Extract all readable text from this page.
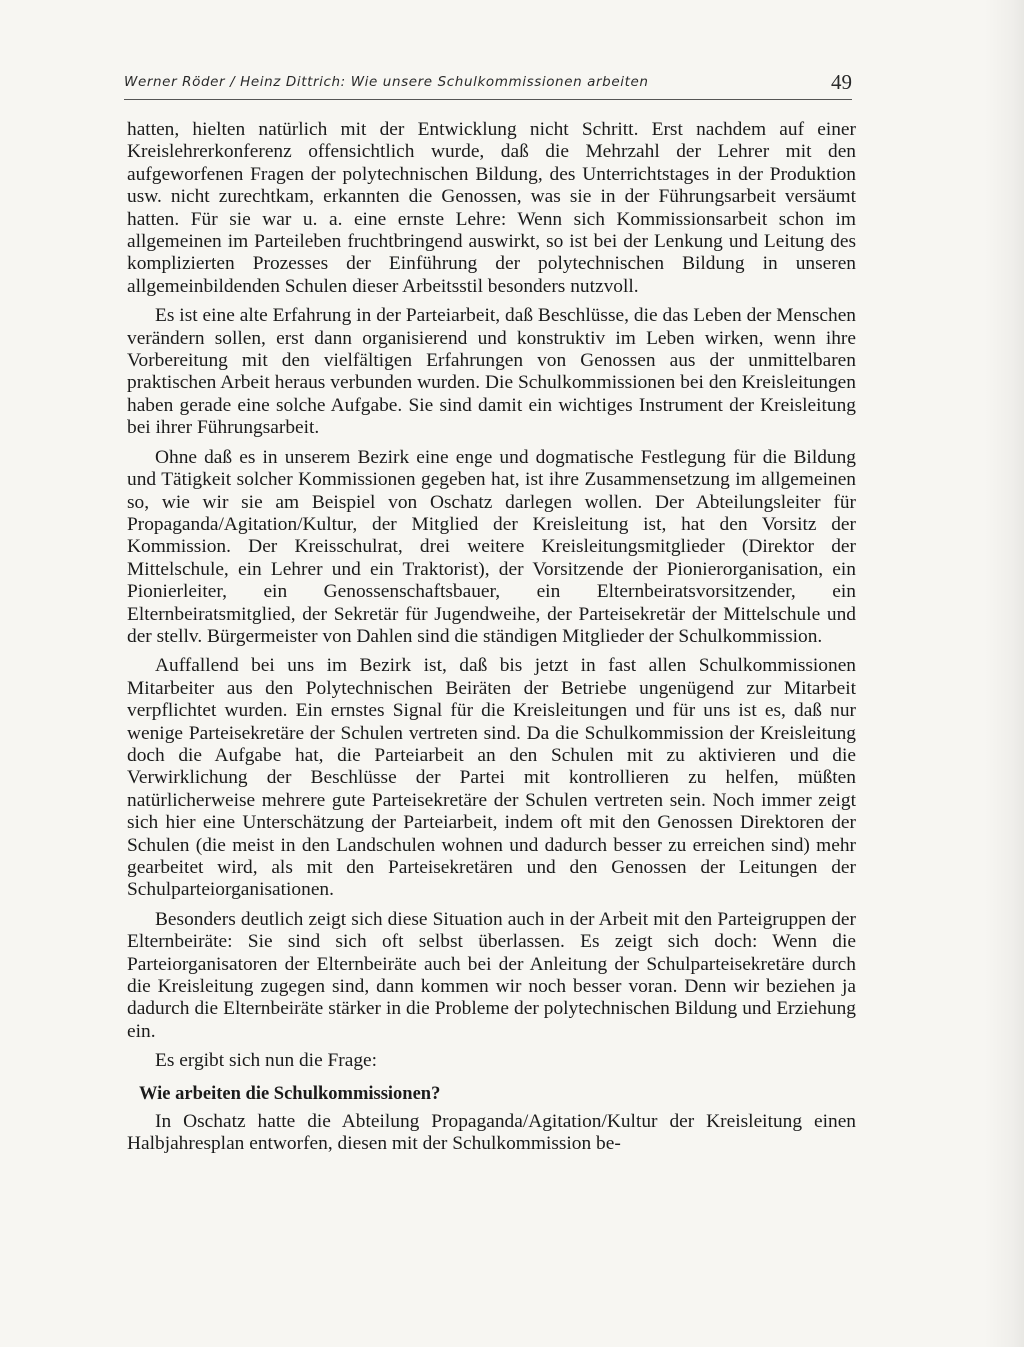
Werner Röder / Heinz Dittrich: Wie unsere Schulkommissionen arbeiten	49

hatten, hielten natürlich mit der Entwicklung nicht Schritt. Erst nachdem auf einer Kreislehrerkonferenz offensichtlich wurde, daß die Mehrzahl der Lehrer mit den aufgeworfenen Fragen der polytechnischen Bildung, des Unterrichtstages in der Produktion usw. nicht zurechtkam, erkannten die Genossen, was sie in der Führungsarbeit versäumt hatten. Für sie war u. a. eine ernste Lehre: Wenn sich Kommissionsarbeit schon im allgemeinen im Parteileben fruchtbringend auswirkt, so ist bei der Lenkung und Leitung des komplizierten Prozesses der Einführung der polytechnischen Bildung in unseren allgemeinbildenden Schulen dieser Arbeitsstil besonders nutzvoll.

Es ist eine alte Erfahrung in der Parteiarbeit, daß Beschlüsse, die das Leben der Menschen verändern sollen, erst dann organisierend und konstruktiv im Leben wirken, wenn ihre Vorbereitung mit den vielfältigen Erfahrungen von Genossen aus der unmittelbaren praktischen Arbeit heraus verbunden wurden. Die Schulkommissionen bei den Kreisleitungen haben gerade eine solche Aufgabe. Sie sind damit ein wichtiges Instrument der Kreisleitung bei ihrer Führungsarbeit.

Ohne daß es in unserem Bezirk eine enge und dogmatische Festlegung für die Bildung und Tätigkeit solcher Kommissionen gegeben hat, ist ihre Zusammensetzung im allgemeinen so, wie wir sie am Beispiel von Oschatz darlegen wollen. Der Abteilungsleiter für Propaganda/Agitation/Kultur, der Mitglied der Kreisleitung ist, hat den Vorsitz der Kommission. Der Kreisschulrat, drei weitere Kreisleitungsmitglieder (Direktor der Mittelschule, ein Lehrer und ein Traktorist), der Vorsitzende der Pionierorganisation, ein Pionierleiter, ein Genossenschaftsbauer, ein Elternbeiratsvorsitzender, ein Elternbeiratsmitglied, der Sekretär für Jugendweihe, der Parteisekretär der Mittelschule und der stellv. Bürgermeister von Dahlen sind die ständigen Mitglieder der Schulkommission.

Auffallend bei uns im Bezirk ist, daß bis jetzt in fast allen Schulkommissionen Mitarbeiter aus den Polytechnischen Beiräten der Betriebe ungenügend zur Mitarbeit verpflichtet wurden. Ein ernstes Signal für die Kreisleitungen und für uns ist es, daß nur wenige Parteisekretäre der Schulen vertreten sind. Da die Schulkommission der Kreisleitung doch die Aufgabe hat, die Parteiarbeit an den Schulen mit zu aktivieren und die Verwirklichung der Beschlüsse der Partei mit kontrollieren zu helfen, müßten natürlicherweise mehrere gute Parteisekretäre der Schulen vertreten sein. Noch immer zeigt sich hier eine Unterschätzung der Parteiarbeit, indem oft mit den Genossen Direktoren der Schulen (die meist in den Landschulen wohnen und dadurch besser zu erreichen sind) mehr gearbeitet wird, als mit den Parteisekretären und den Genossen der Leitungen der Schulparteiorganisationen.

Besonders deutlich zeigt sich diese Situation auch in der Arbeit mit den Parteigruppen der Elternbeiräte: Sie sind sich oft selbst überlassen. Es zeigt sich doch: Wenn die Parteiorganisatoren der Elternbeiräte auch bei der Anleitung der Schulparteisekretäre durch die Kreisleitung zugegen sind, dann kommen wir noch besser voran. Denn wir beziehen ja dadurch die Elternbeiräte stärker in die Probleme der polytechnischen Bildung und Erziehung ein.

Es ergibt sich nun die Frage:

Wie arbeiten die Schulkommissionen?

In Oschatz hatte die Abteilung Propaganda/Agitation/Kultur der Kreisleitung einen Halbjahresplan entworfen, diesen mit der Schulkommission be-
